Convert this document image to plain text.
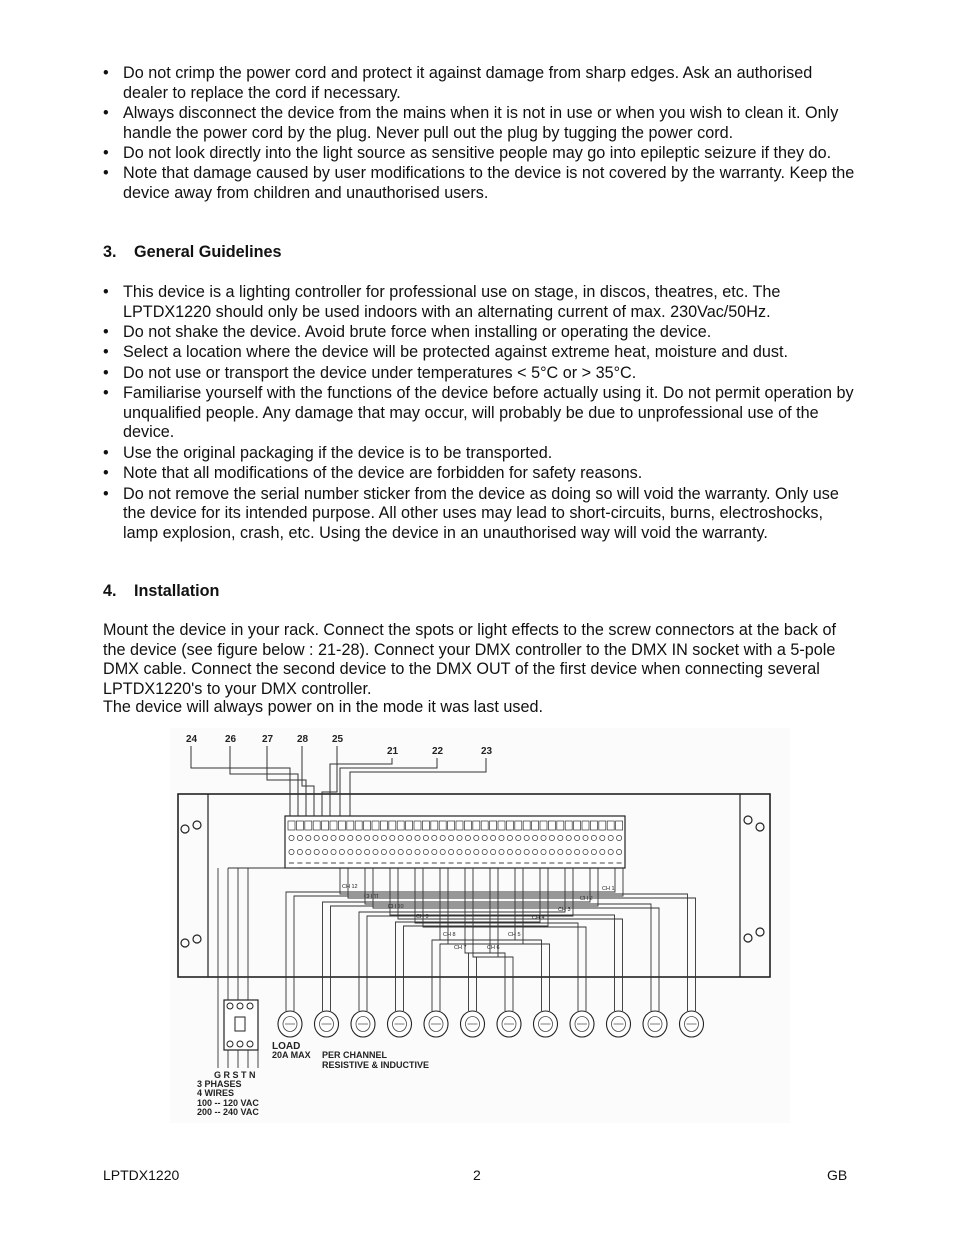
• Do not crimp the power cord and protect it against damage from sharp edges. Ask an authorised dealer to replace the cord if necessary.
• Always disconnect the device from the mains when it is not in use or when you wish to clean it. Only handle the power cord by the plug. Never pull out the plug by tugging the power cord.
• Do not look directly into the light source as sensitive people may go into epileptic seizure if they do.
• Note that damage caused by user modifications to the device is not covered by the warranty. Keep the device away from children and unauthorised users.
3. General Guidelines
• This device is a lighting controller for professional use on stage, in discos, theatres, etc. The LPTDX1220 should only be used indoors with an alternating current of max. 230Vac/50Hz.
• Do not shake the device. Avoid brute force when installing or operating the device.
• Select a location where the device will be protected against extreme heat, moisture and dust.
• Do not use or transport the device under temperatures < 5°C or > 35°C.
• Familiarise yourself with the functions of the device before actually using it. Do not permit operation by unqualified people. Any damage that may occur, will probably be due to unprofessional use of the device.
• Use the original packaging if the device is to be transported.
• Note that all modifications of the device are forbidden for safety reasons.
• Do not remove the serial number sticker from the device as doing so will void the warranty. Only use the device for its intended purpose. All other uses may lead to short-circuits, burns, electroshocks, lamp explosion, crash, etc. Using the device in an unauthorised way will void the warranty.
4. Installation

Mount the device in your rack. Connect the spots or light effects to the screw connectors at the back of the device (see figure below : 21-28). Connect your DMX controller to the DMX IN socket with a 5-pole DMX cable. Connect the second device to the DMX OUT of the first device when connecting several LPTDX1220's to your DMX controller.

The device will always power on in the mode it was last used.

24	26	27 28 25
21	22	23
CH 12
CH 11
CH 10
CH 9
CH 8
CH 7	CH 6
CH 5
CH 4
CH 3
CH 2
CH 1
LOAD
20A MAX PER CHANNEL
RESISTIVE & INDUCTIVE
G R S T N
3 PHASES
4 WIRES
100 -- 120 VAC
200 -- 240 VAC
LPTDX1220	2	GB
